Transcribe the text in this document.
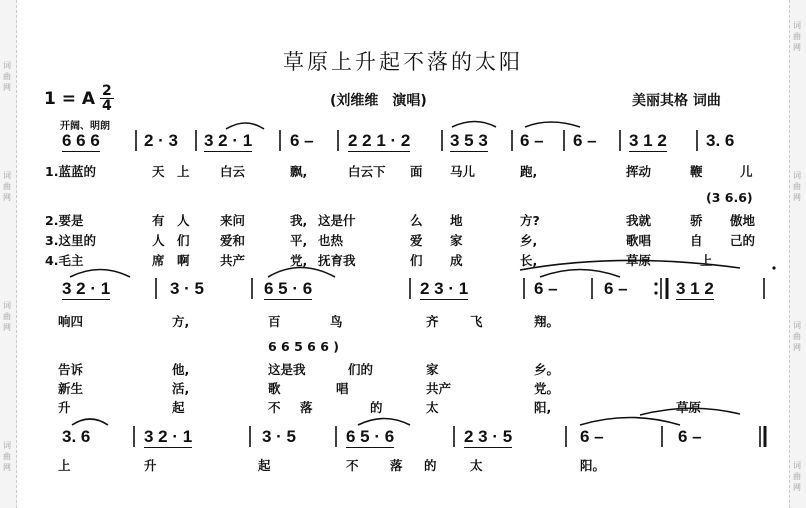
词
曲
网
词
曲
网
词
曲
网
词
曲
网
词
曲
网
词
曲
网
词
曲
网
词
曲
网
草原上升起不落的太阳
1 = A $\frac{2}{4}$	(刘维维　演唱)	美丽其格 词曲
开阔、明朗
6 6 6	2 · 3 3 2 · 1 6 – 2 2 1 · 2 3 5 3 6 – 6 – 3 1 2 3. 6
1.蓝蓝的	天 上 白云	飘,	白云下 面 马儿	跑,	挥动	鞭	儿
(3 6.6)
2.要是	有 人 来问	我, 这是什	么 地	方?	我就	骄 傲地
3.这里的	人 们 爱和	平, 也热	爱 家	乡,	歌唱	自 己的
4.毛主	席 啊 共产	党, 抚育我	们 成	长,	草原	上
3 2 · 1	3 · 5	6 5 · 6	2 3 · 1	6 –	6 –	3 1 2
响四	方,	百	鸟	齐	飞	翔。
6 6 5 6 6 )
告诉	他,	这是我	们的	家	乡。
新生	活,	歌	唱	共产	党。
升	起	不 落	的	太	阳,	草原
3. 6	3 2 · 1	3 · 5	6 5 · 6	2 3 · 5	6 –	6 –
上	升	起	不	落 的	太	阳。
